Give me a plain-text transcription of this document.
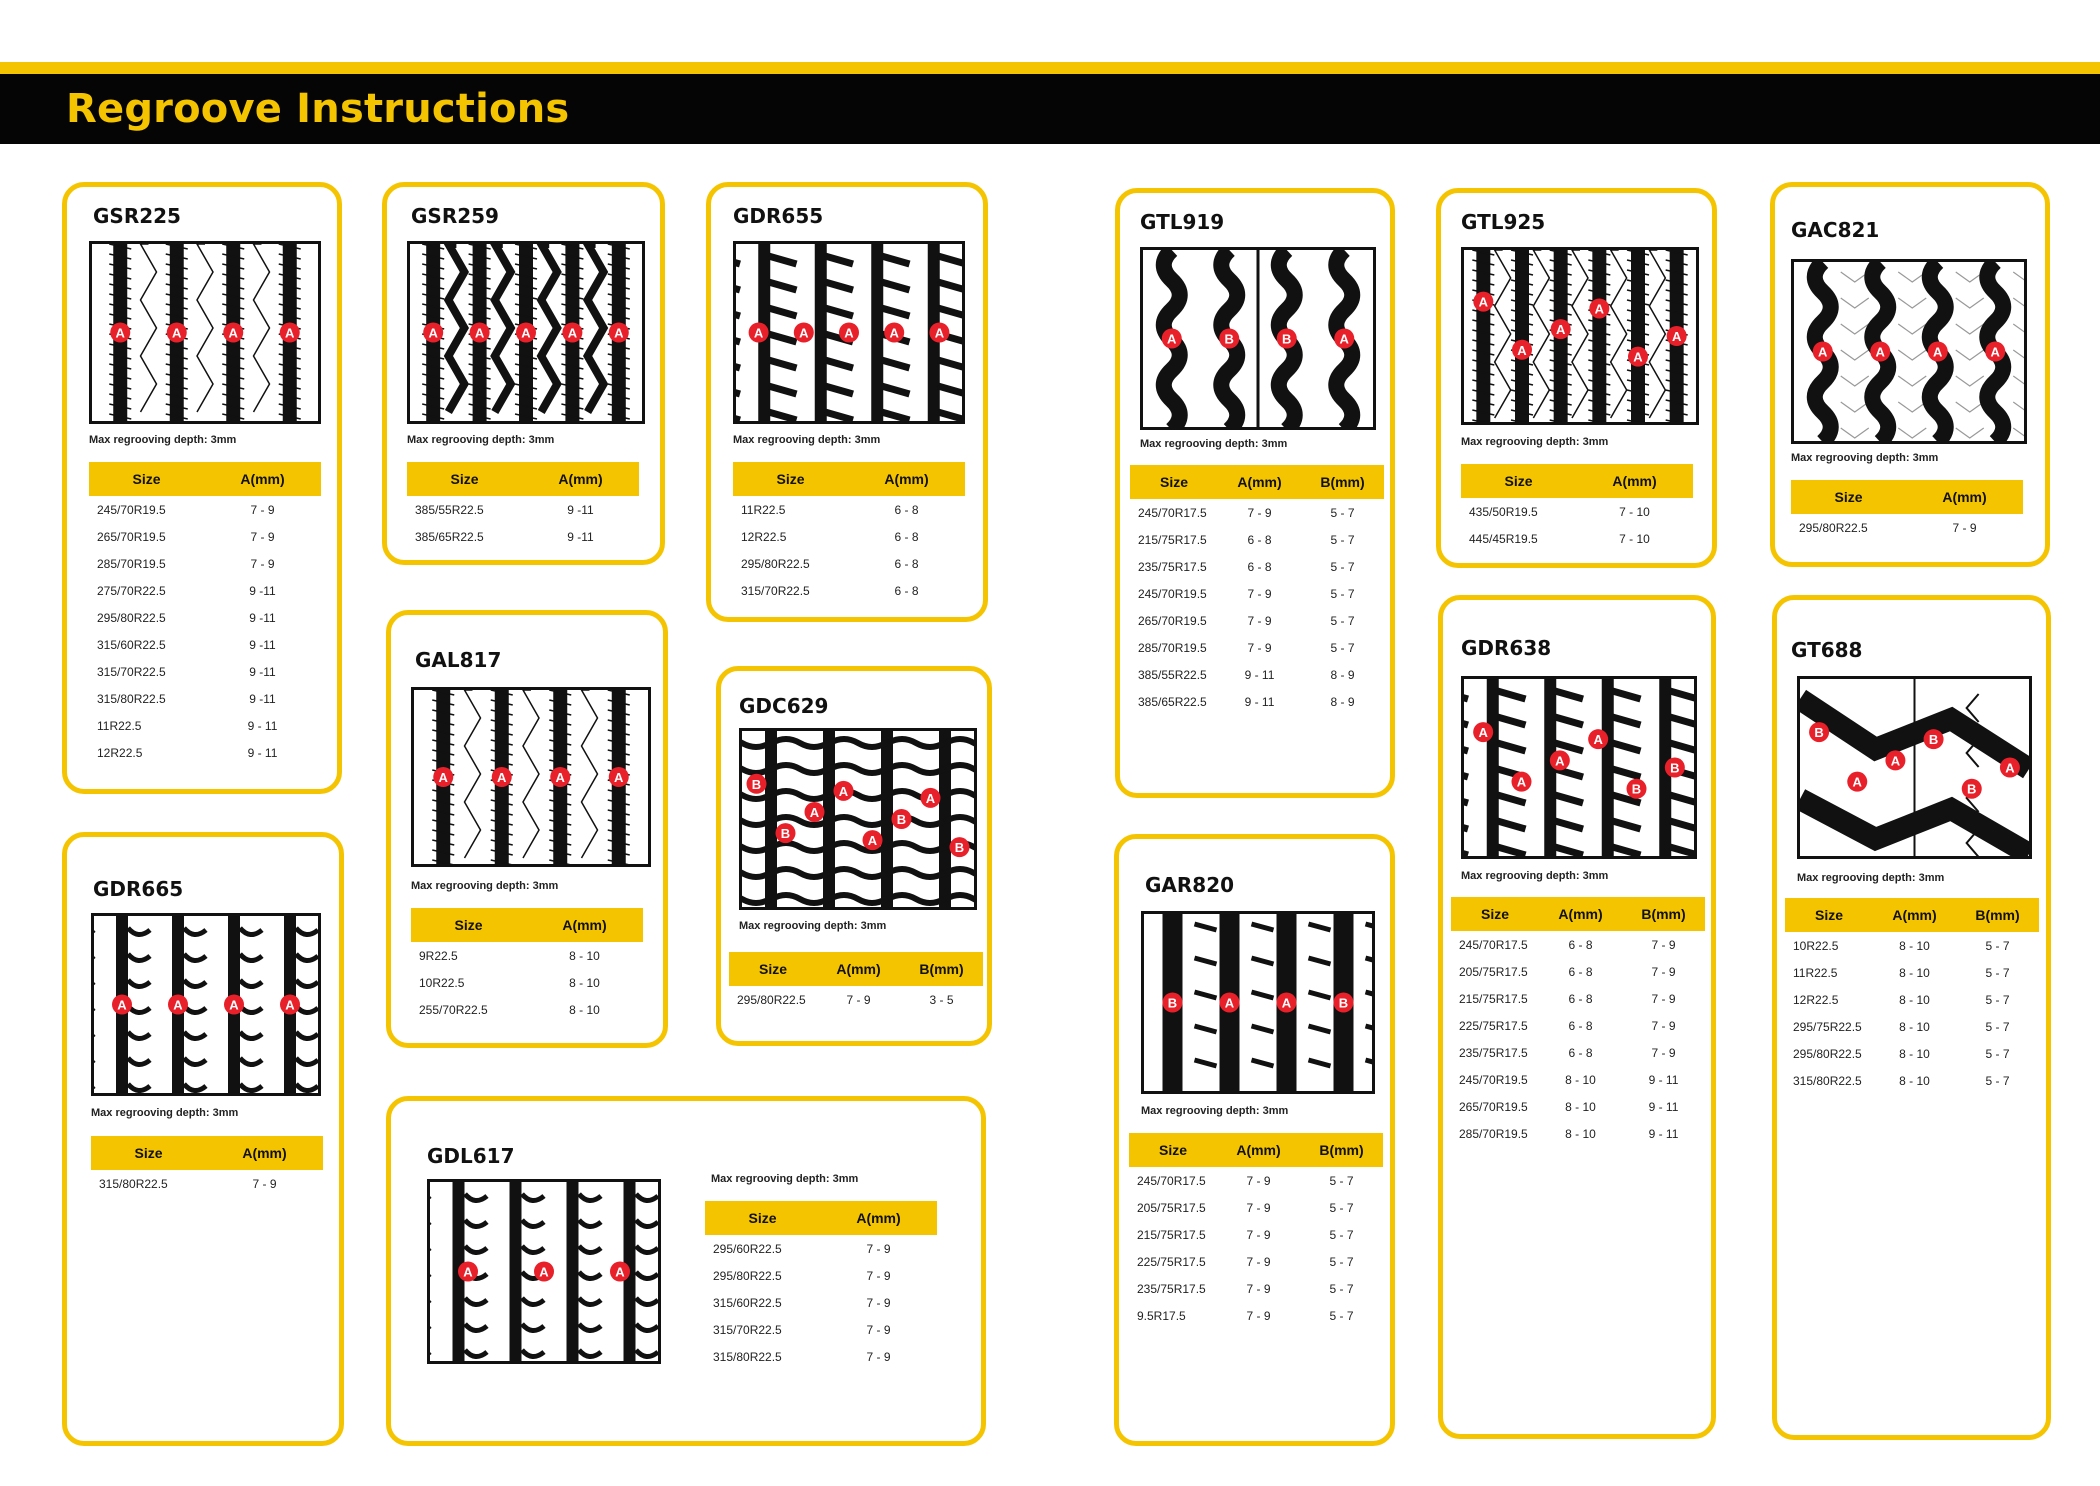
Regroove Instructions
GSR225
A	A	A	A
Max regrooving depth: 3mm
Size	A(mm)
245/70R19.5	7 - 9
265/70R19.5	7 - 9
285/70R19.5	7 - 9
275/70R22.5	9 -11
295/80R22.5	9 -11
315/60R22.5	9 -11
315/70R22.5	9 -11
315/80R22.5	9 -11
11R22.5	9 - 11
12R22.5	9 - 11
GSR259
A	A	A	A	A
Max regrooving depth: 3mm
Size	A(mm)
385/55R22.5	9 -11
385/65R22.5	9 -11
GDR655
A	A	A	A	A
Max regrooving depth: 3mm
Size	A(mm)
11R22.5	6 - 8
12R22.5	6 - 8
295/80R22.5	6 - 8
315/70R22.5	6 - 8
GTL919
A	B	B	A
Max regrooving depth: 3mm
Size	A(mm)	B(mm)
245/70R17.5	7 - 9	5 - 7
215/75R17.5	6 - 8	5 - 7
235/75R17.5	6 - 8	5 - 7
245/70R19.5	7 - 9	5 - 7
265/70R19.5	7 - 9	5 - 7
285/70R19.5	7 - 9	5 - 7
385/55R22.5	9 - 11	8 - 9
385/65R22.5	9 - 11	8 - 9
GTL925
A
A
A
A
A
A
Max regrooving depth: 3mm
Size	A(mm)
435/50R19.5	7 - 10
445/45R19.5	7 - 10
GAC821
A	A	A	A
Max regrooving depth: 3mm
Size	A(mm)
295/80R22.5	7 - 9
GAL817
A	A	A	A
Max regrooving depth: 3mm
Size	A(mm)
9R22.5	8 - 10
10R22.5	8 - 10
255/70R22.5	8 - 10
GDC629
B
B
A
A
A
B
A
B
Max regrooving depth: 3mm
Size	A(mm)	B(mm)
295/80R22.5	7 - 9	3 - 5
GDR638
A
A
A
A
B
B
Max regrooving depth: 3mm
Size	A(mm)	B(mm)
245/70R17.5	6 - 8	7 - 9
205/75R17.5	6 - 8	7 - 9
215/75R17.5	6 - 8	7 - 9
225/75R17.5	6 - 8	7 - 9
235/75R17.5	6 - 8	7 - 9
245/70R19.5	8 - 10	9 - 11
265/70R19.5	8 - 10	9 - 11
285/70R19.5	8 - 10	9 - 11
GT688
B
A
A
B
B
A
Max regrooving depth: 3mm
Size	A(mm)	B(mm)
10R22.5	8 - 10	5 - 7
11R22.5	8 - 10	5 - 7
12R22.5	8 - 10	5 - 7
295/75R22.5	8 - 10	5 - 7
295/80R22.5	8 - 10	5 - 7
315/80R22.5	8 - 10	5 - 7
GDR665
A	A	A	A
Max regrooving depth: 3mm
Size	A(mm)
315/80R22.5	7 - 9
GAR820
B	A	A	B
Max regrooving depth: 3mm
Size	A(mm)	B(mm)
245/70R17.5	7 - 9	5 - 7
205/75R17.5	7 - 9	5 - 7
215/75R17.5	7 - 9	5 - 7
225/75R17.5	7 - 9	5 - 7
235/75R17.5	7 - 9	5 - 7
9.5R17.5	7 - 9	5 - 7
GDL617
A	A	A
Max regrooving depth: 3mm
Size	A(mm)
295/60R22.5	7 - 9
295/80R22.5	7 - 9
315/60R22.5	7 - 9
315/70R22.5	7 - 9
315/80R22.5	7 - 9
